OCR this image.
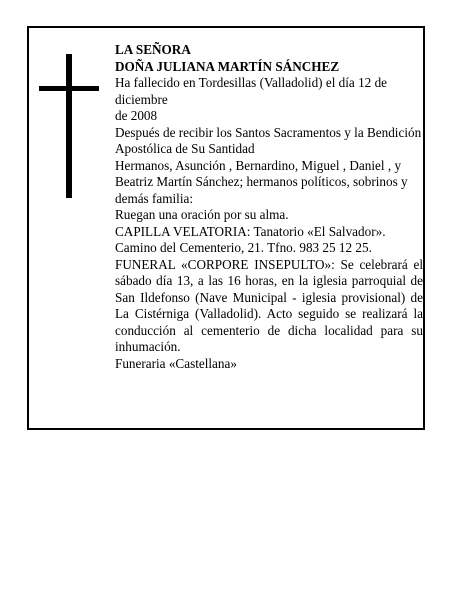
LA SEÑORA

DOÑA JULIANA MARTÍN SÁNCHEZ

Ha fallecido en Tordesillas (Valladolid) el día 12 de diciembre

de 2008

Después de recibir los Santos Sacramentos y la Bendición Apostólica de Su Santidad

Hermanos, Asunción , Bernardino, Miguel , Daniel , y Beatriz Martín Sánchez; hermanos políticos, sobrinos y demás familia:

Ruegan una oración por su alma.

CAPILLA VELATORIA: Tanatorio «El Salvador». Camino del Cementerio, 21. Tfno. 983 25 12 25.

FUNERAL «CORPORE INSEPULTO»: Se celebrará el sábado día 13, a las 16 horas, en la iglesia parroquial de San Ildefonso (Nave Municipal - iglesia provisional) de La Cistérniga (Valladolid). Acto seguido se realizará la conducción al cementerio de dicha localidad para su inhumación.

Funeraria «Castellana»
